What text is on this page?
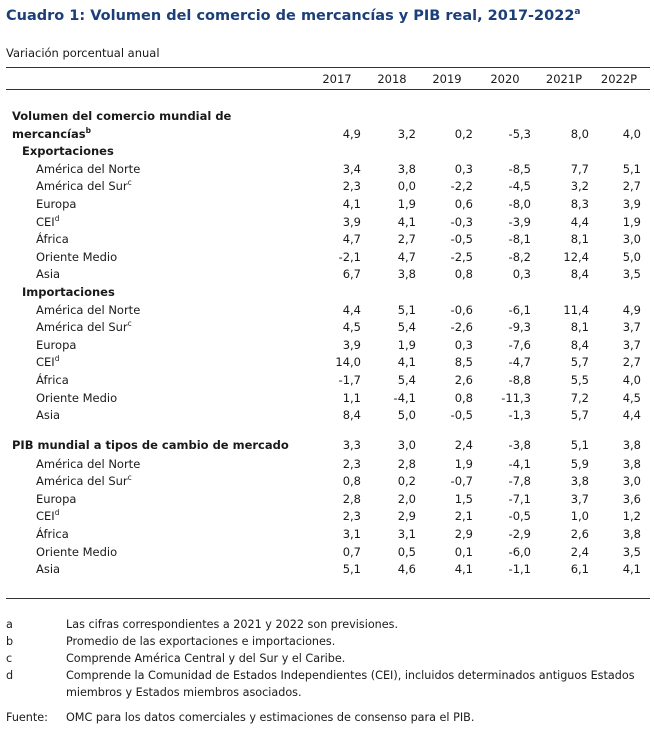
Cuadro 1: Volumen del comercio de mercancías y PIB real, 2017-2022$^a$
Variación porcentual anual
2017	2018	2019	2020	2021P	2022P
Volumen del comercio mundial de							
mercancías$^b$	4,9	3,2	0,2	-5,3	8,0	4,0	
Exportaciones							
América del Norte	3,4	3,8	0,3	-8,5	7,7	5,1	
América del Sur$^c$	2,3	0,0	-2,2	-4,5	3,2	2,7	
Europa	4,1	1,9	0,6	-8,0	8,3	3,9	
CEI$^d$	3,9	4,1	-0,3	-3,9	4,4	1,9	
África	4,7	2,7	-0,5	-8,1	8,1	3,0	
Oriente Medio	-2,1	4,7	-2,5	-8,2	12,4	5,0	
Asia	6,7	3,8	0,8	0,3	8,4	3,5	
Importaciones							
América del Norte	4,4	5,1	-0,6	-6,1	11,4	4,9	
América del Sur$^c$	4,5	5,4	-2,6	-9,3	8,1	3,7	
Europa	3,9	1,9	0,3	-7,6	8,4	3,7	
CEI$^d$	14,0	4,1	8,5	-4,7	5,7	2,7	
África	-1,7	5,4	2,6	-8,8	5,5	4,0	
Oriente Medio	1,1	-4,1	0,8	-11,3	7,2	4,5	
Asia	8,4	5,0	-0,5	-1,3	5,7	4,4	

PIB mundial a tipos de cambio de mercado	3,3	3,0	2,4	-3,8	5,1	3,8	
América del Norte	2,3	2,8	1,9	-4,1	5,9	3,8	
América del Sur$^c$	0,8	0,2	-0,7	-7,8	3,8	3,0	
Europa	2,8	2,0	1,5	-7,1	3,7	3,6	
CEI$^d$	2,3	2,9	2,1	-0,5	1,0	1,2	
África	3,1	3,1	2,9	-2,9	2,6	3,8	
Oriente Medio	0,7	0,5	0,1	-6,0	2,4	3,5	
Asia	5,1	4,6	4,1	-1,1	6,1	4,1	
a	Las cifras correspondientes a 2021 y 2022 son previsiones.
b	Promedio de las exportaciones e importaciones.
c	Comprende América Central y del Sur y el Caribe.
d	Comprende la Comunidad de Estados Independientes (CEI), incluidos determinados antiguos Estados miembros y Estados miembros asociados.
Fuente:	OMC para los datos comerciales y estimaciones de consenso para el PIB.
